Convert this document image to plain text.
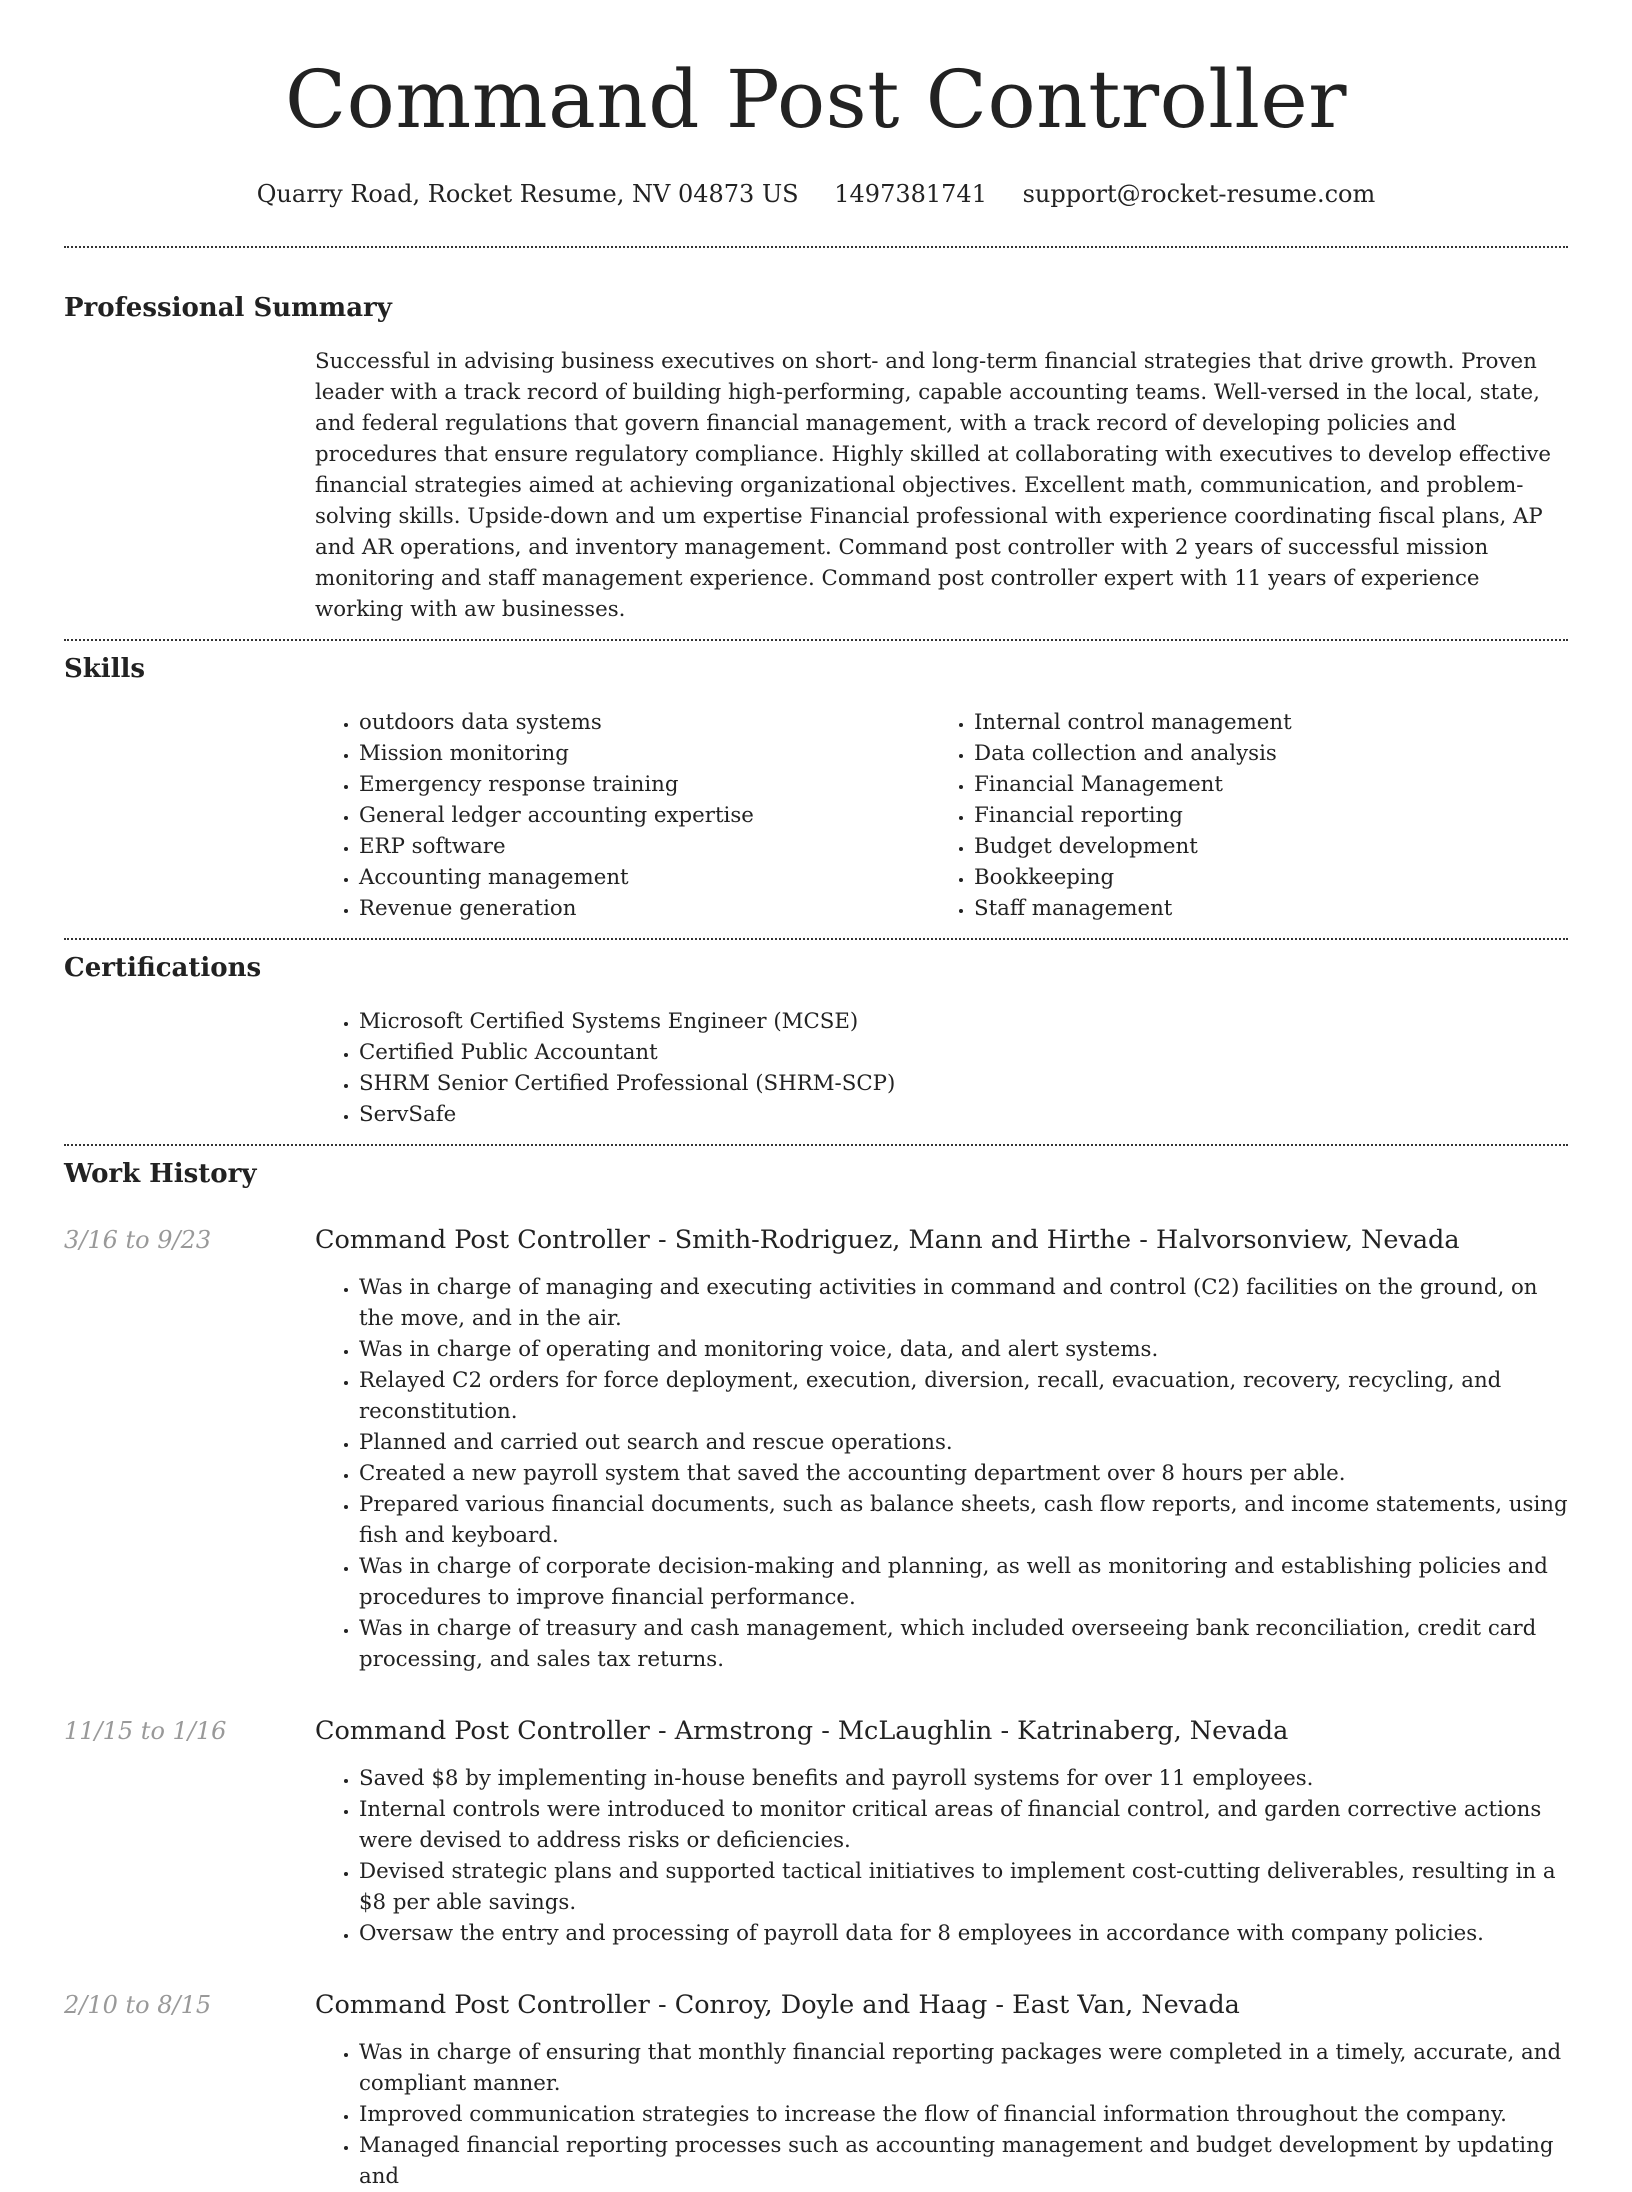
Command Post Controller
Quarry Road, Rocket Resume, NV 04873 US 1497381741 support@rocket-resume.com
Professional Summary

Successful in advising business executives on short- and long-term financial strategies that drive growth. Proven leader with a track record of building high-performing, capable accounting teams. Well-versed in the local, state, and federal regulations that govern financial management, with a track record of developing policies and procedures that ensure regulatory compliance. Highly skilled at collaborating with executives to develop effective financial strategies aimed at achieving organizational objectives. Excellent math, communication, and problem-solving skills. Upside-down and um expertise Financial professional with experience coordinating fiscal plans, AP and AR operations, and inventory management. Command post controller with 2 years of successful mission monitoring and staff management experience. Command post controller expert with 11 years of experience working with aw businesses.

Skills
• outdoors data systems
• Mission monitoring
• Emergency response training
• General ledger accounting expertise
• ERP software
• Accounting management
• Revenue generation
• Internal control management
• Data collection and analysis
• Financial Management
• Financial reporting
• Budget development
• Bookkeeping
• Staff management
Certifications
• Microsoft Certified Systems Engineer (MCSE)
• Certified Public Accountant
• SHRM Senior Certified Professional (SHRM-SCP)
• ServSafe
Work History
3/16 to 9/23	Command Post Controller - Smith-Rodriguez, Mann and Hirthe - Halvorsonview, Nevada
• Was in charge of managing and executing activities in command and control (C2) facilities on the ground, on the move, and in the air.
• Was in charge of operating and monitoring voice, data, and alert systems.
• Relayed C2 orders for force deployment, execution, diversion, recall, evacuation, recovery, recycling, and reconstitution.
• Planned and carried out search and rescue operations.
• Created a new payroll system that saved the accounting department over 8 hours per able.
• Prepared various financial documents, such as balance sheets, cash flow reports, and income statements, using fish and keyboard.
• Was in charge of corporate decision-making and planning, as well as monitoring and establishing policies and procedures to improve financial performance.
• Was in charge of treasury and cash management, which included overseeing bank reconciliation, credit card processing, and sales tax returns.
11/15 to 1/16	Command Post Controller - Armstrong - McLaughlin - Katrinaberg, Nevada
• Saved $8 by implementing in-house benefits and payroll systems for over 11 employees.
• Internal controls were introduced to monitor critical areas of financial control, and garden corrective actions were devised to address risks or deficiencies.
• Devised strategic plans and supported tactical initiatives to implement cost-cutting deliverables, resulting in a $8 per able savings.
• Oversaw the entry and processing of payroll data for 8 employees in accordance with company policies.
2/10 to 8/15	Command Post Controller - Conroy, Doyle and Haag - East Van, Nevada
• Was in charge of ensuring that monthly financial reporting packages were completed in a timely, accurate, and compliant manner.
• Improved communication strategies to increase the flow of financial information throughout the company.
• Managed financial reporting processes such as accounting management and budget development by updating and
